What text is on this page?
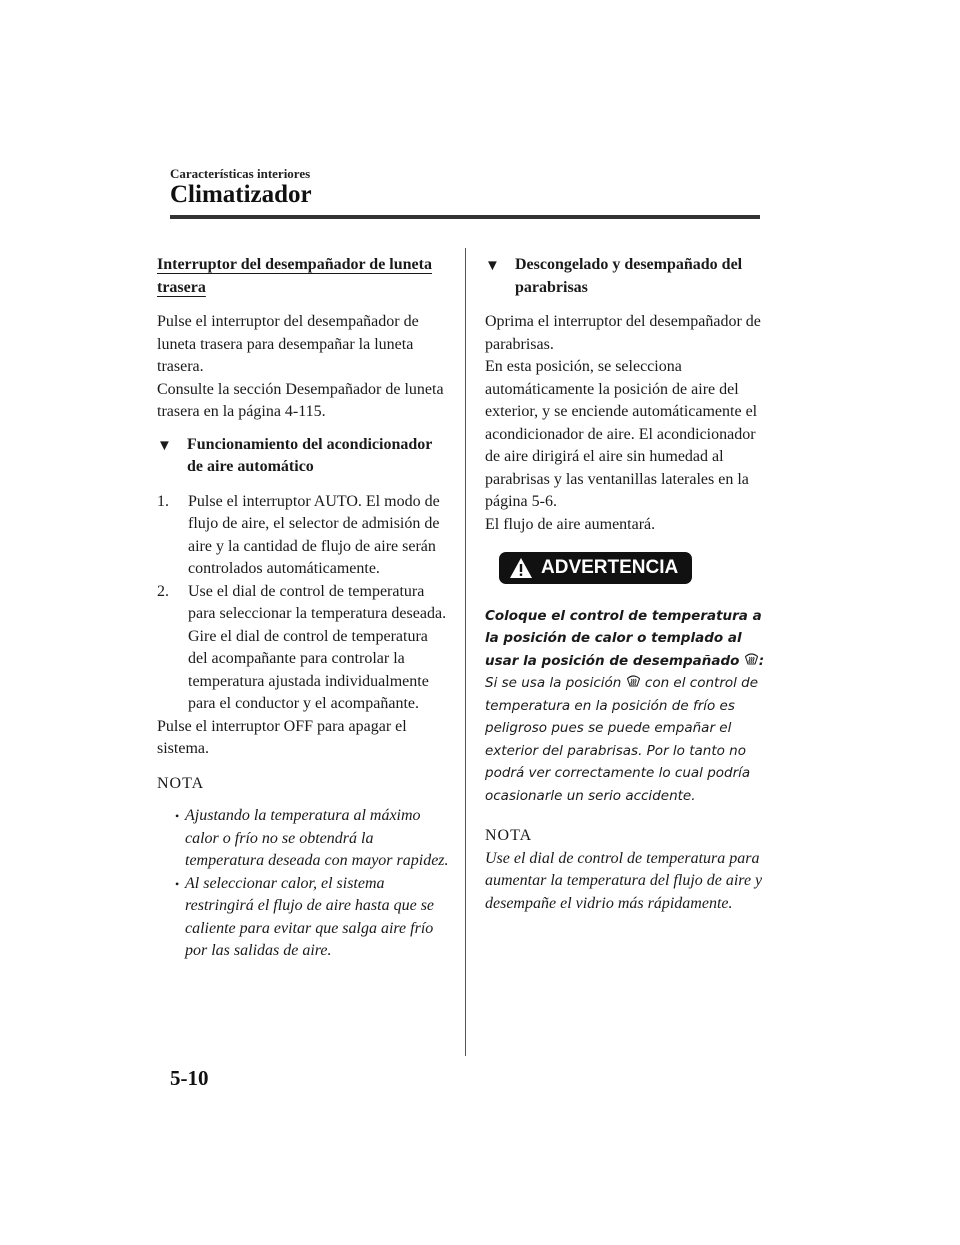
Características interiores
Climatizador

Interruptor del desempañador de luneta trasera

Pulse el interruptor del desempañador de luneta trasera para desempañar la luneta trasera.

Consulte la sección Desempañador de luneta trasera en la página 4-115.

▼ Funcionamiento del acondicionador de aire automático
1.	Pulse el interruptor AUTO. El modo de flujo de aire, el selector de admisión de aire y la cantidad de flujo de aire serán controlados automáticamente.
2.	Use el dial de control de temperatura para seleccionar la temperatura deseada.
Gire el dial de control de temperatura del acompañante para controlar la temperatura ajustada individualmente para el conductor y el acompañante.

Pulse el interruptor OFF para apagar el sistema.

NOTA

• Ajustando la temperatura al máximo calor o frío no se obtendrá la temperatura deseada con mayor rapidez.
• Al seleccionar calor, el sistema restringirá el flujo de aire hasta que se caliente para evitar que salga aire frío por las salidas de aire.
▼ Descongelado y desempañado del parabrisas

Oprima el interruptor del desempañador de parabrisas.

En esta posición, se selecciona automáticamente la posición de aire del exterior, y se enciende automáticamente el acondicionador de aire. El acondicionador de aire dirigirá el aire sin humedad al parabrisas y las ventanillas laterales en la página 5-6.

El flujo de aire aumentará.

ADVERTENCIA
Coloque el control de temperatura a la posición de calor o templado al usar la posición de desempañado :
Si se usa la posición con el control de temperatura en la posición de frío es peligroso pues se puede empañar el exterior del parabrisas. Por lo tanto no podrá ver correctamente lo cual podría ocasionarle un serio accidente.

NOTA

Use el dial de control de temperatura para aumentar la temperatura del flujo de aire y desempañe el vidrio más rápidamente.

5-10
